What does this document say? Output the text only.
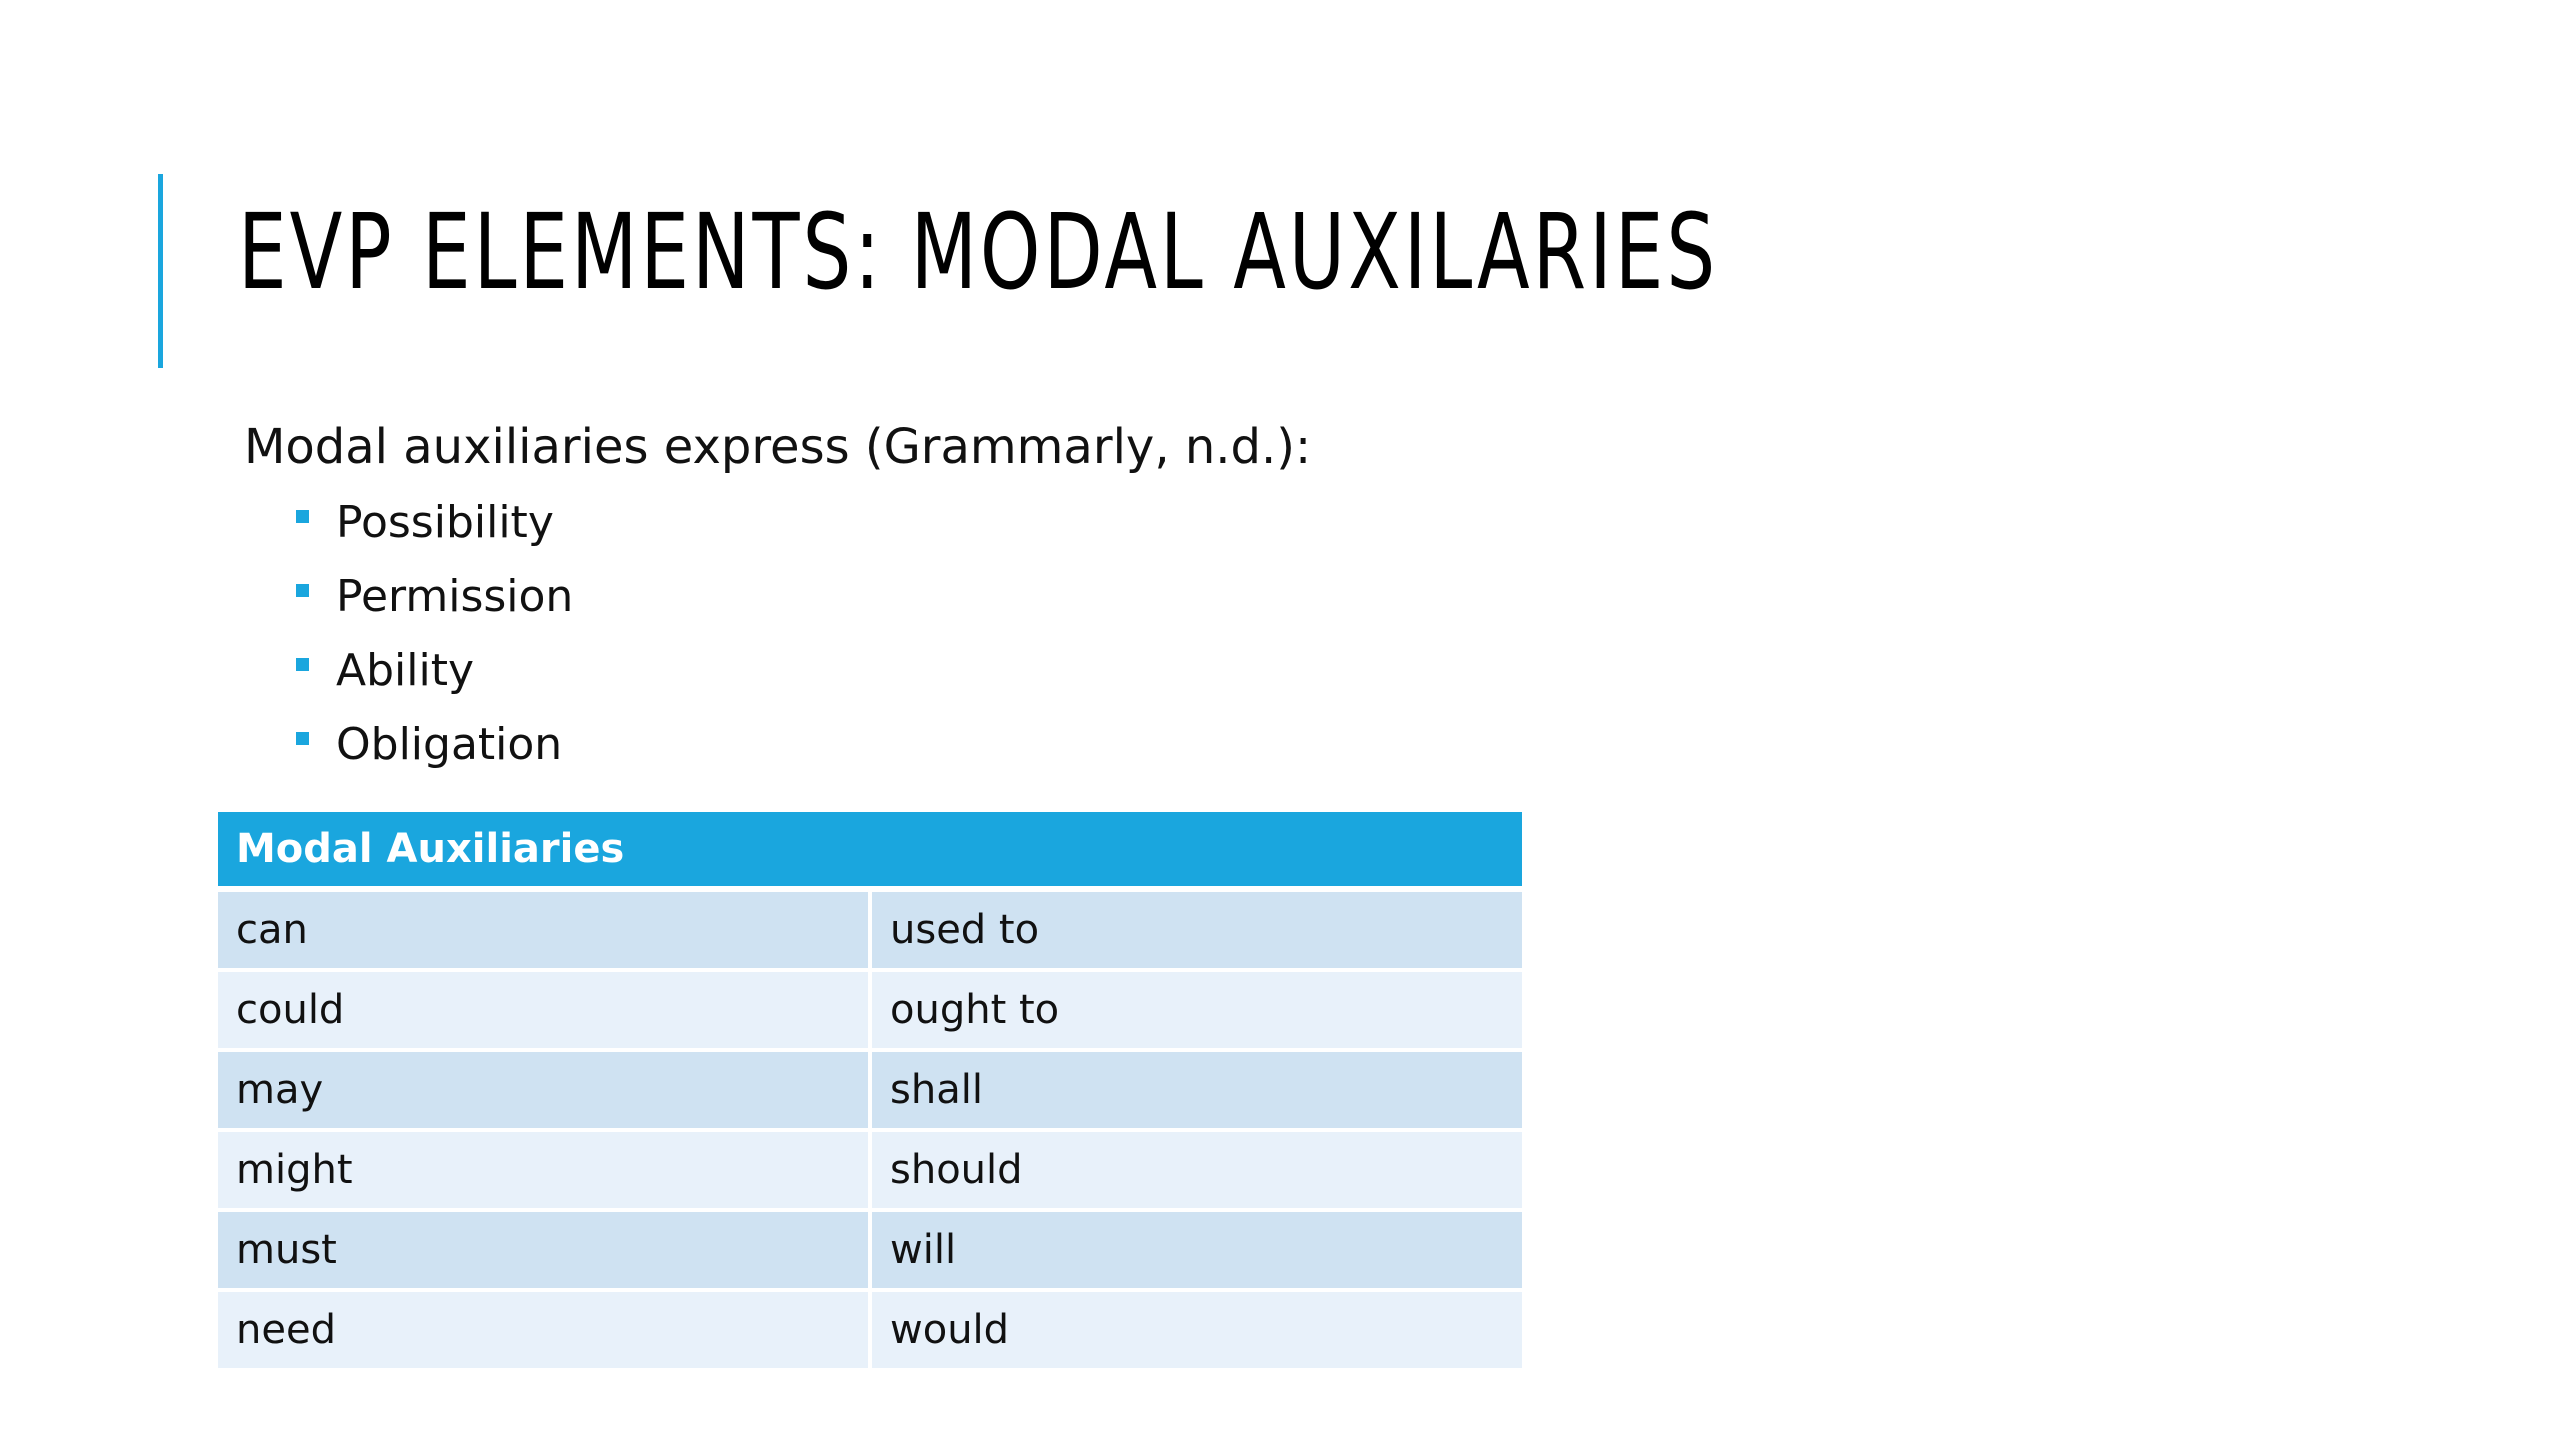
EVP ELEMENTS: MODAL AUXILARIES
Modal auxiliaries express (Grammarly, n.d.):
Possibility
Permission
Ability
Obligation
Modal Auxiliaries	
can	used to
could	ought to
may	shall
might	should
must	will
need	would
